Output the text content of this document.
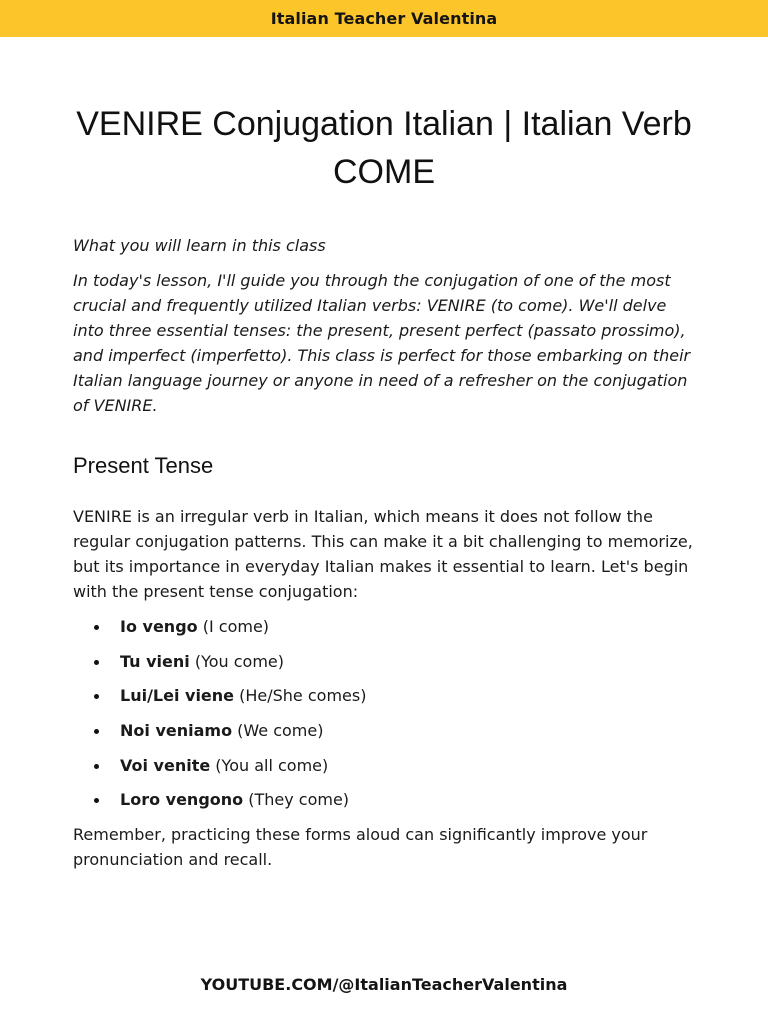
Italian Teacher Valentina
VENIRE Conjugation Italian | Italian Verb COME

What you will learn in this class

In today's lesson, I'll guide you through the conjugation of one of the most crucial and frequently utilized Italian verbs: VENIRE (to come). We'll delve into three essential tenses: the present, present perfect (passato prossimo), and imperfect (imperfetto). This class is perfect for those embarking on their Italian language journey or anyone in need of a refresher on the conjugation of VENIRE.

Present Tense

VENIRE is an irregular verb in Italian, which means it does not follow the regular conjugation patterns. This can make it a bit challenging to memorize, but its importance in everyday Italian makes it essential to learn. Let's begin with the present tense conjugation:

Io vengo (I come)
Tu vieni (You come)
Lui/Lei viene (He/She comes)
Noi veniamo (We come)
Voi venite (You all come)
Loro vengono (They come)

Remember, practicing these forms aloud can significantly improve your pronunciation and recall.

YOUTUBE.COM/@ItalianTeacherValentina
